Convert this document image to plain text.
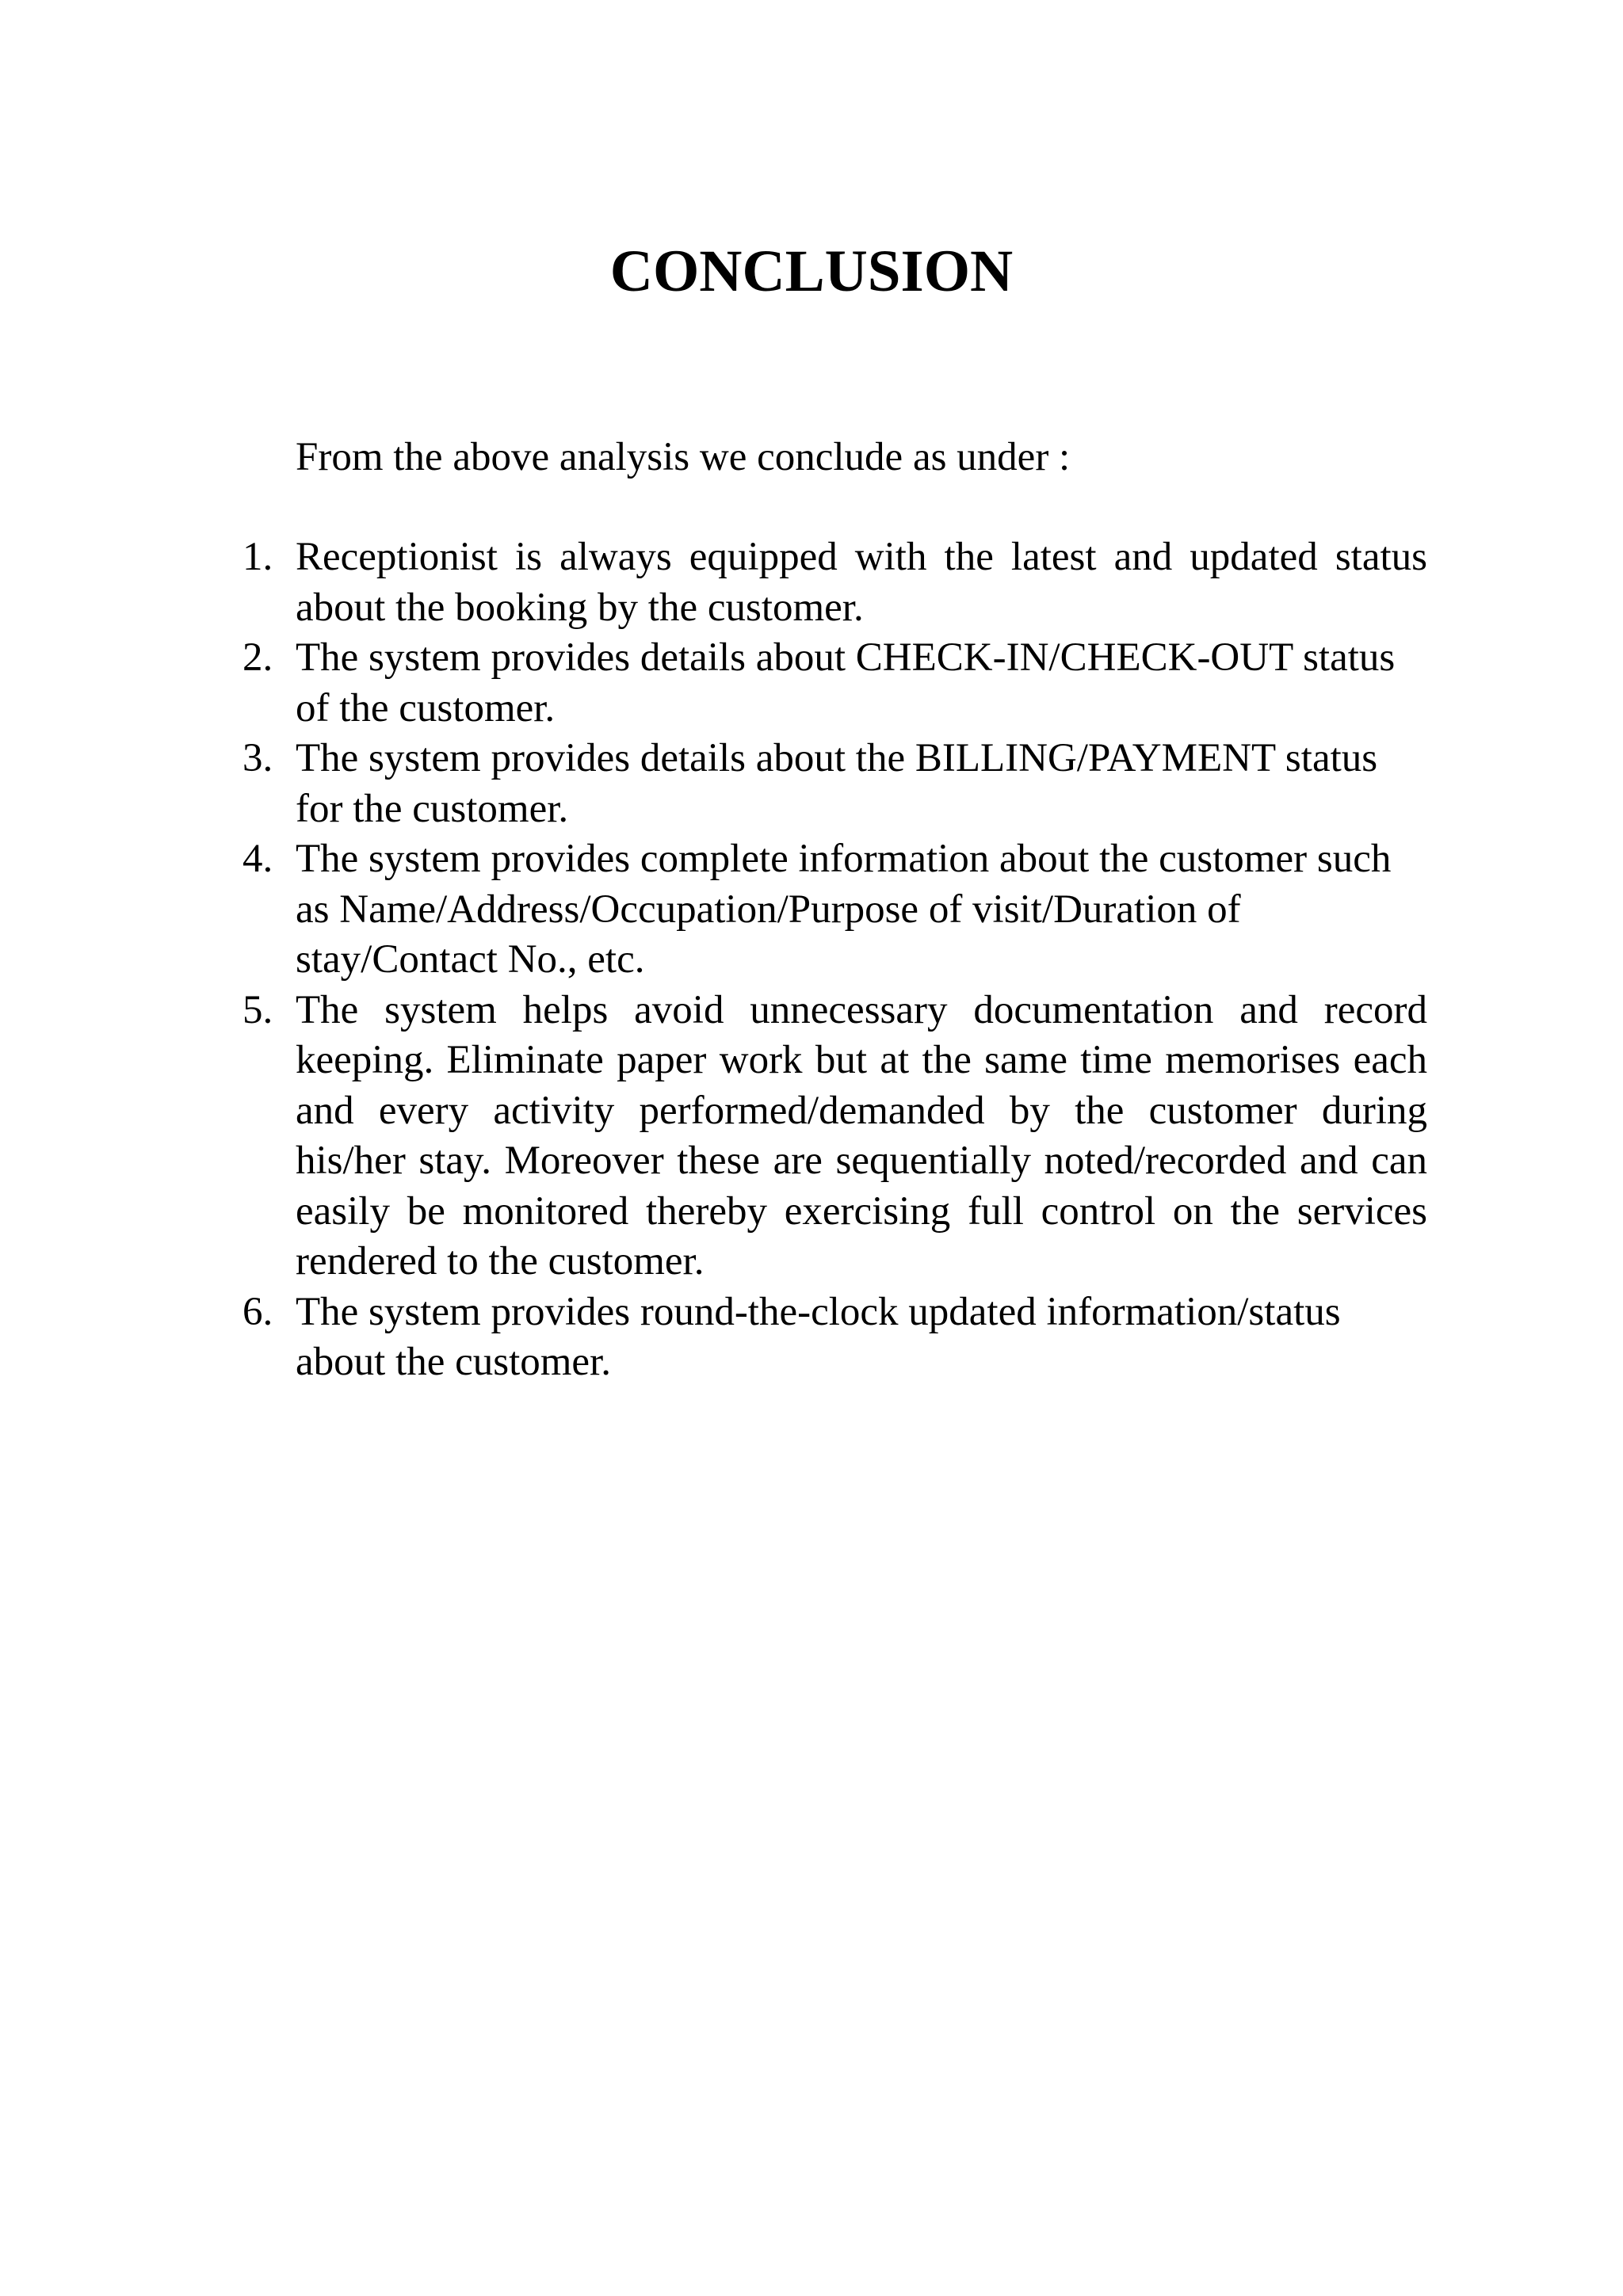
CONCLUSION

From the above analysis we conclude as under :

1. Receptionist is always equipped with the latest and updated status about the booking by the customer.
2. The system provides details about CHECK-IN/CHECK-OUT status of the customer.
3. The system provides details about the BILLING/PAYMENT status for the customer.
4. The system provides complete information about the customer such as Name/Address/Occupation/Purpose of visit/Duration of stay/Contact No., etc.
5. The system helps avoid unnecessary documentation and record keeping. Eliminate paper work but at the same time memorises each and every activity performed/demanded by the customer during his/her stay. Moreover these are sequentially noted/recorded and can easily be monitored thereby exercising full control on the services rendered to the customer.
6. The system provides round-the-clock updated information/status about the customer.
